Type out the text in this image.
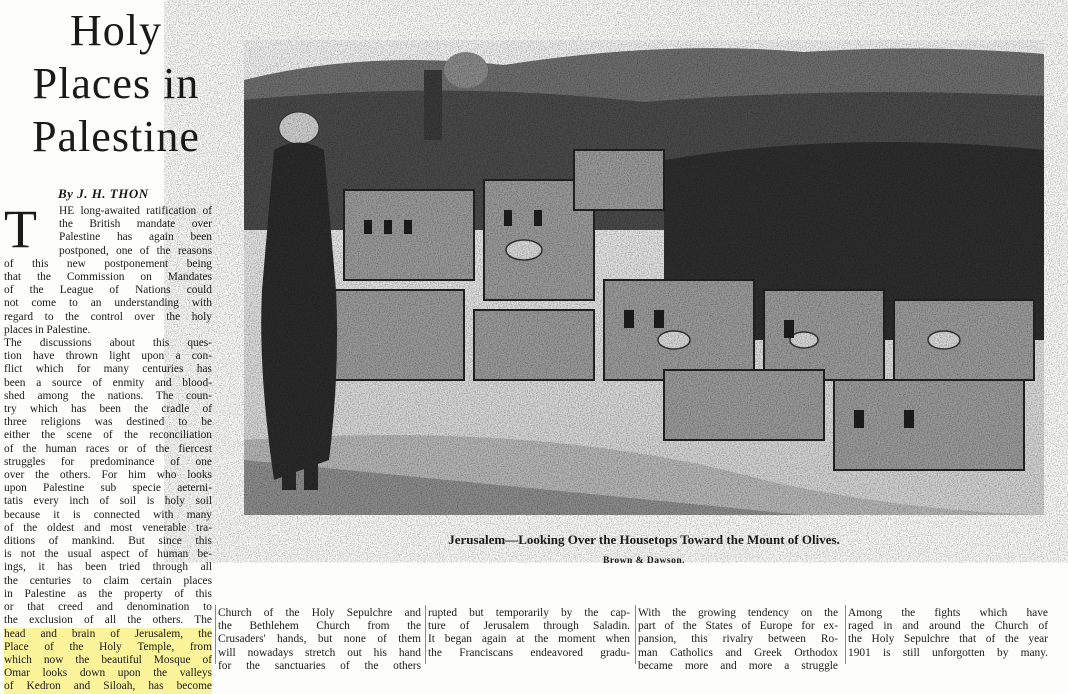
Holy
Places in
Palestine
By J. H. THON
T	HE long-awaited ratification of
the British mandate over
Palestine has again been
postponed, one of the reasons
of this new postponement being
that the Commission on Mandates
of the League of Nations could
not come to an understanding with
regard to the control over the holy
places in Palestine.
The discussions about this ques-
tion have thrown light upon a con-
flict which for many centuries has
been a source of enmity and blood-
shed among the nations. The coun-
try which has been the cradle of
three religions was destined to be
either the scene of the reconciliation
of the human races or of the fiercest
struggles for predominance of one
over the others. For him who looks
upon Palestine sub specie aeterni-
tatis every inch of soil is holy soil
because it is connected with many
of the oldest and most venerable tra-
ditions of mankind. But since this
is not the usual aspect of human be-
ings, it has been tried through all
the centuries to claim certain places
in Palestine as the property of this
or that creed and denomination to
the exclusion of all the others. The
head and brain of Jerusalem, the
Place of the Holy Temple, from
which now the beautiful Mosque of
Omar looks down upon the valleys
of Kedron and Siloah, has become
Jerusalem—Looking Over the Housetops Toward the Mount of Olives.
Brown & Dawson.
Church of the Holy Sepulchre and
the Bethlehem Church from the
Crusaders' hands, but none of them
will nowadays stretch out his hand
for the sanctuaries of the others
rupted but temporarily by the cap-
ture of Jerusalem through Saladin.
It began again at the moment when
the Franciscans endeavored gradu-
With the growing tendency on the
part of the States of Europe for ex-
pansion, this rivalry between Ro-
man Catholics and Greek Orthodox
became more and more a struggle
Among the fights which have
raged in and around the Church of
the Holy Sepulchre that of the year
1901 is still unforgotten by many.
